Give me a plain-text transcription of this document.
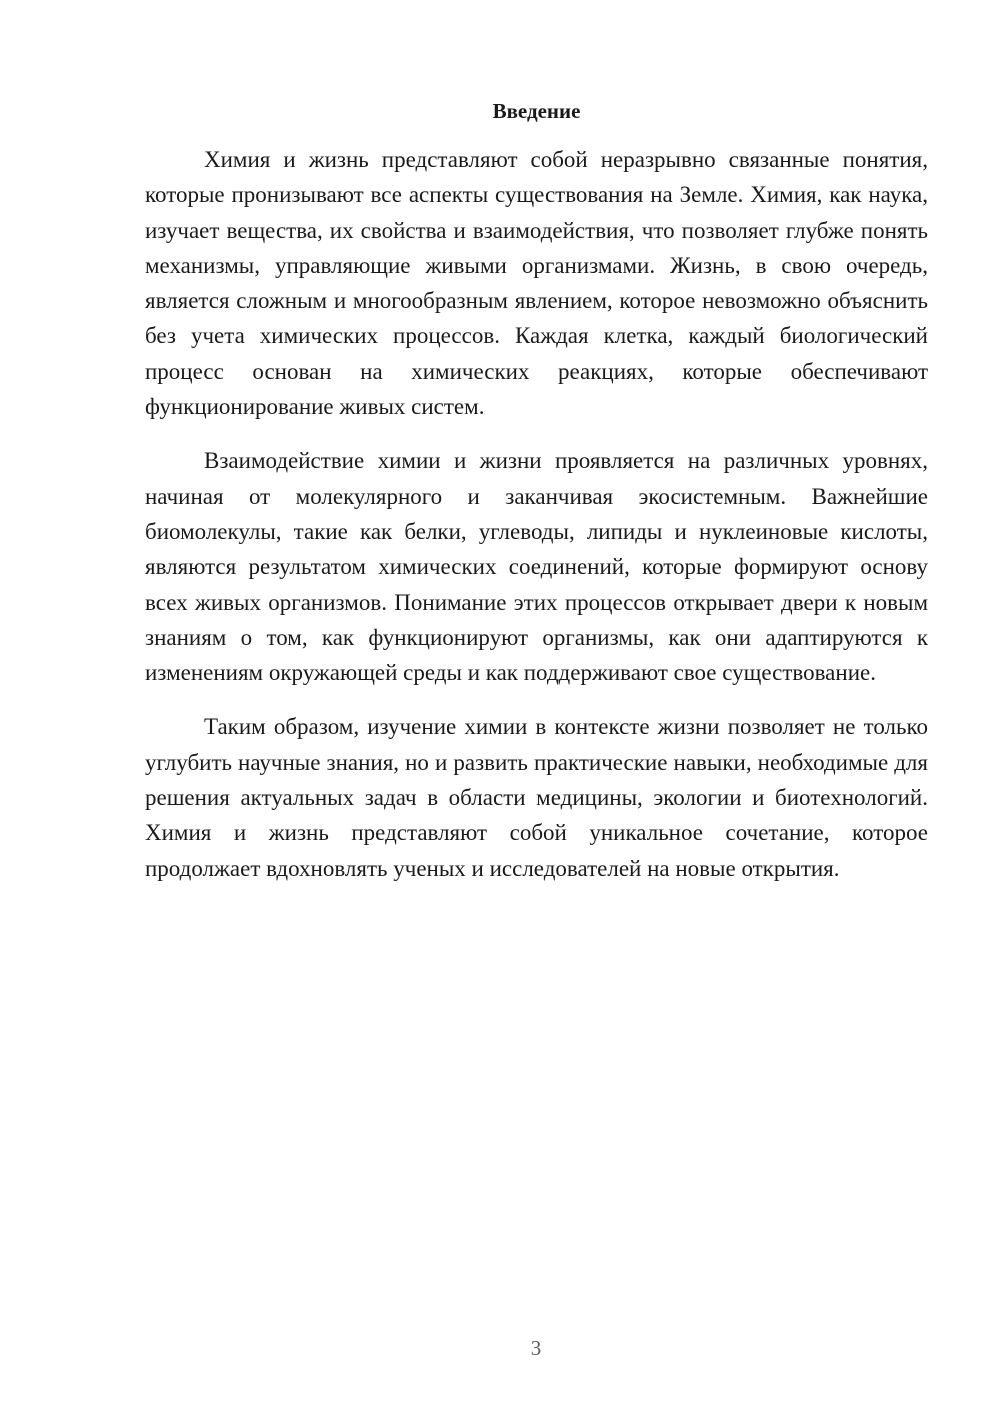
Введение

Химия и жизнь представляют собой неразрывно связанные понятия, которые пронизывают все аспекты существования на Земле. Химия, как наука, изучает вещества, их свойства и взаимодействия, что позволяет глубже понять механизмы, управляющие живыми организмами. Жизнь, в свою очередь, является сложным и многообразным явлением, которое невозможно объяснить без учета химических процессов. Каждая клетка, каждый биологический процесс основан на химических реакциях, которые обеспечивают функционирование живых систем.

Взаимодействие химии и жизни проявляется на различных уровнях, начиная от молекулярного и заканчивая экосистемным. Важнейшие биомолекулы, такие как белки, углеводы, липиды и нуклеиновые кислоты, являются результатом химических соединений, которые формируют основу всех живых организмов. Понимание этих процессов открывает двери к новым знаниям о том, как функционируют организмы, как они адаптируются к изменениям окружающей среды и как поддерживают свое существование.

Таким образом, изучение химии в контексте жизни позволяет не только углубить научные знания, но и развить практические навыки, необходимые для решения актуальных задач в области медицины, экологии и биотехнологий. Химия и жизнь представляют собой уникальное сочетание, которое продолжает вдохновлять ученых и исследователей на новые открытия.

3
